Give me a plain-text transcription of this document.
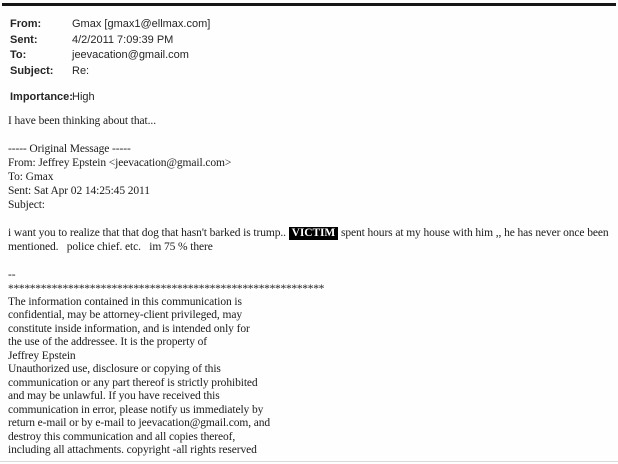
From:	Gmax [gmax1@ellmax.com]
Sent:	4/2/2011 7:09:39 PM
To:	jeevacation@gmail.com
Subject:	Re:
Importance: High

I have been thinking about that...

----- Original Message -----
From: Jeffrey Epstein <jeevacation@gmail.com>
To: Gmax
Sent: Sat Apr 02 14:25:45 2011
Subject:

i want you to realize that that dog that hasn't barked is trump.. VICTIM spent hours at my house with him ,, he has never once been mentioned.   police chief. etc.   im 75 % there

--
**********************************************************
The information contained in this communication is
confidential, may be attorney-client privileged, may
constitute inside information, and is intended only for
the use of the addressee. It is the property of
Jeffrey Epstein
Unauthorized use, disclosure or copying of this
communication or any part thereof is strictly prohibited
and may be unlawful. If you have received this
communication in error, please notify us immediately by
return e-mail or by e-mail to jeevacation@gmail.com, and
destroy this communication and all copies thereof,
including all attachments. copyright -all rights reserved
